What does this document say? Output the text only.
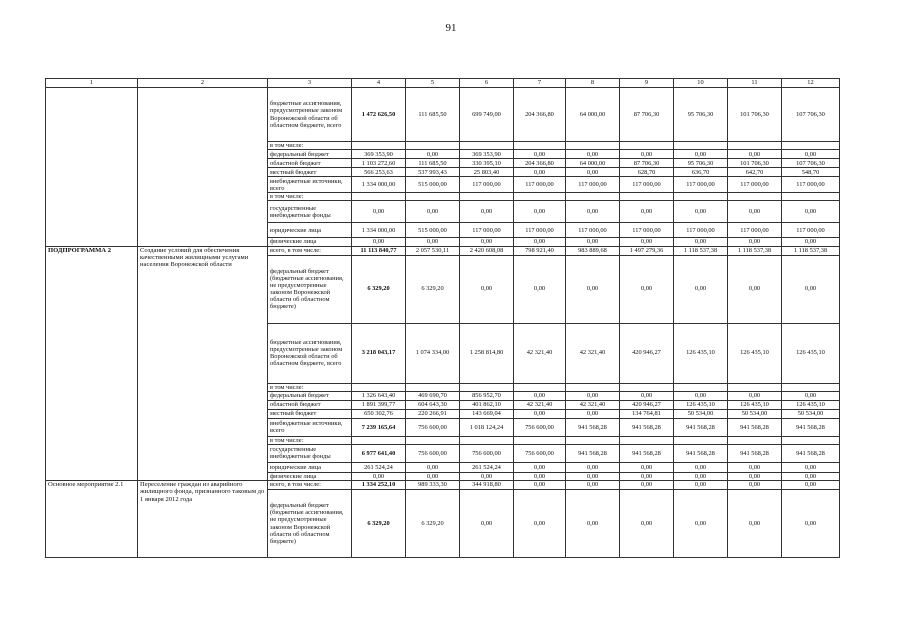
91
1	2	3	4	5	6	7	8	9	10	11	12
		бюджетные ассигнования, предусмотренные законом Воронежской области об областном бюджете, всего	1 472 626,50	111 685,50	699 749,00	204 366,80	64 000,00	87 706,30	95 706,30	101 706,30	107 706,30
		в том числе:									
		федеральный бюджет	369 353,90	0,00	369 353,90	0,00	0,00	0,00	0,00	0,00	0,00
		областной бюджет	1 103 272,60	111 685,50	330 395,10	204 366,80	64 000,00	87 706,30	95 706,30	101 706,30	107 706,30
		местный бюджет	566 253,63	537 993,43	25 803,40	0,00	0,00	628,70	636,70	642,70	548,70
		внебюджетные источники, всего	1 334 000,00	515 000,00	117 000,00	117 000,00	117 000,00	117 000,00	117 000,00	117 000,00	117 000,00
		в том числе:									
		государственные внебюджетные фонды	0,00	0,00	0,00	0,00	0,00	0,00	0,00	0,00	0,00
		юридические лица	1 334 000,00	515 000,00	117 000,00	117 000,00	117 000,00	117 000,00	117 000,00	117 000,00	117 000,00
		физические лица	0,00	0,00	0,00	0,00	0,00	0,00	0,00	0,00	0,00
ПОДПРОГРАММА 2	Создание условий для обеспечения качественными жилищными услугами населения Воронежской области	всего, в том числе:	11 113 840,77	2 057 530,11	2 420 608,08	798 921,40	983 889,68	1 497 279,36	1 118 537,38	1 118 537,38	1 118 537,38
		федеральный бюджет (бюджетные ассигнования, не предусмотренные законом Воронежской области об областном бюджете)	6 329,20	6 329,20	0,00	0,00	0,00	0,00	0,00	0,00	0,00
		бюджетные ассигнования, предусмотренные законом Воронежской области об областном бюджете, всего	3 218 043,17	1 074 334,00	1 258 814,80	42 321,40	42 321,40	420 946,27	126 435,10	126 435,10	126 435,10
		в том числе:									
		федеральный бюджет	1 326 643,40	469 690,70	856 952,70	0,00	0,00	0,00	0,00	0,00	0,00
		областной бюджет	1 891 399,77	604 643,30	401 862,10	42 321,40	42 321,40	420 946,27	126 435,10	126 435,10	126 435,10
		местный бюджет	650 302,76	220 266,91	143 669,04	0,00	0,00	134 764,81	50 534,00	50 534,00	50 534,00
		внебюджетные источники, всего	7 239 165,64	756 600,00	1 018 124,24	756 600,00	941 568,28	941 568,28	941 568,28	941 568,28	941 568,28
		в том числе:									
		государственные внебюджетные фонды	6 977 641,40	756 600,00	756 600,00	756 600,00	941 568,28	941 568,28	941 568,28	941 568,28	941 568,28
		юридические лица	261 524,24	0,00	261 524,24	0,00	0,00	0,00	0,00	0,00	0,00
		физические лица	0,00	0,00	0,00	0,00	0,00	0,00	0,00	0,00	0,00
Основное мероприятие 2.1	Переселение граждан из аварийного жилищного фонда, признанного таковым до 1 января 2012 года	всего, в том числе:	1 334 252,10	989 333,30	344 918,80	0,00	0,00	0,00	0,00	0,00	0,00
		федеральный бюджет (бюджетные ассигнования, не предусмотренные законом Воронежской области об областном бюджете)	6 329,20	6 329,20	0,00	0,00	0,00	0,00	0,00	0,00	0,00
